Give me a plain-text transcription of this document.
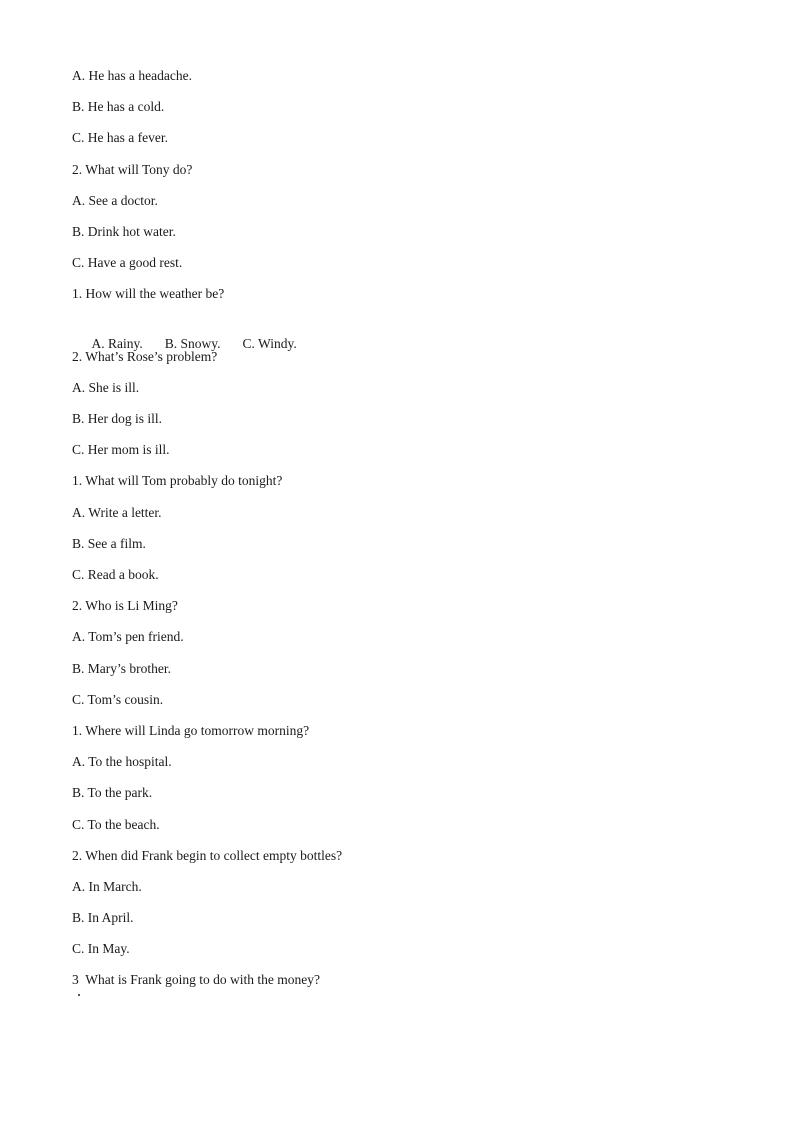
A. He has a headache.
B. He has a cold.
C. He has a fever.
2. What will Tony do?
A. See a doctor.
B. Drink hot water.
C. Have a good rest.
1. How will the weather be?

A. Rainy. B. Snowy. C. Windy.

2. What’s Rose’s problem?
A. She is ill.
B. Her dog is ill.
C. Her mom is ill.
1. What will Tom probably do tonight?
A. Write a letter.
B. See a film.
C. Read a book.
2. Who is Li Ming?
A. Tom’s pen friend.
B. Mary’s brother.
C. Tom’s cousin.
1. Where will Linda go tomorrow morning?
A. To the hospital.
B. To the park.
C. To the beach.
2. When did Frank begin to collect empty bottles?
A. In March.
B. In April.
C. In May.
3  What is Frank going to do with the money?
